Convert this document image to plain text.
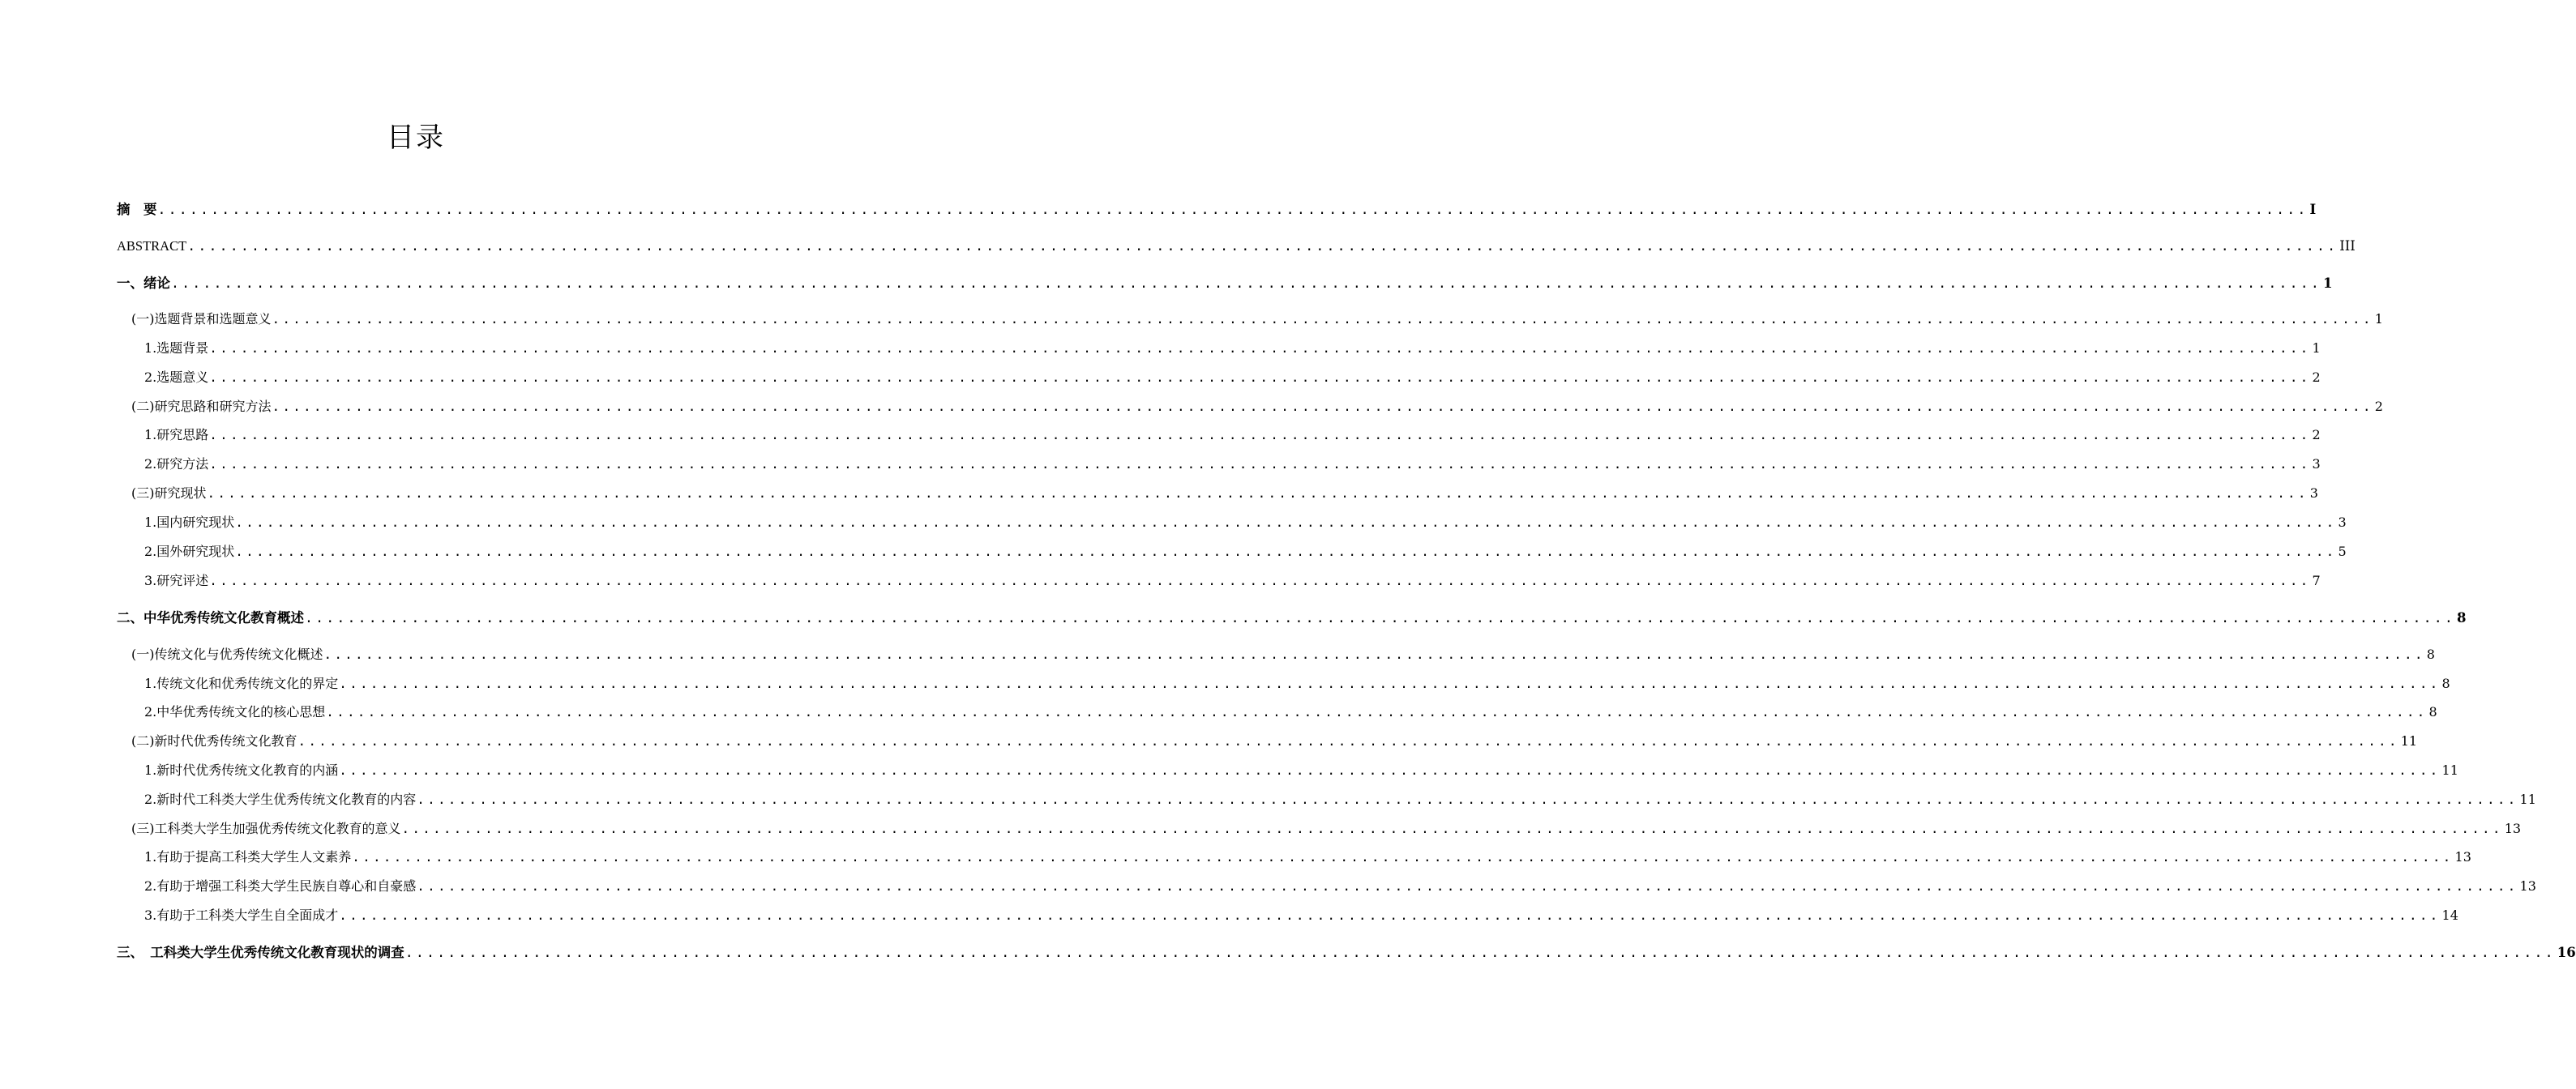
目录
摘　要 .......................................................................................................................................................................................................... I
ABSTRACT .......................................................................................................................................................................................................... III
一、绪论 .......................................................................................................................................................................................................... 1
(一)选题背景和选题意义 .......................................................................................................................................................................................................... 1
1.选题背景 .......................................................................................................................................................................................................... 1
2.选题意义 .......................................................................................................................................................................................................... 2
(二)研究思路和研究方法 .......................................................................................................................................................................................................... 2
1.研究思路 .......................................................................................................................................................................................................... 2
2.研究方法 .......................................................................................................................................................................................................... 3
(三)研究现状 .......................................................................................................................................................................................................... 3
1.国内研究现状 .......................................................................................................................................................................................................... 3
2.国外研究现状 .......................................................................................................................................................................................................... 5
3.研究评述 .......................................................................................................................................................................................................... 7
二、中华优秀传统文化教育概述 .......................................................................................................................................................................................................... 8
(一)传统文化与优秀传统文化概述 .......................................................................................................................................................................................................... 8
1.传统文化和优秀传统文化的界定 .......................................................................................................................................................................................................... 8
2.中华优秀传统文化的核心思想 .......................................................................................................................................................................................................... 8
(二)新时代优秀传统文化教育 .......................................................................................................................................................................................................... 11
1.新时代优秀传统文化教育的内涵 .......................................................................................................................................................................................................... 11
2.新时代工科类大学生优秀传统文化教育的内容 .......................................................................................................................................................................................................... 11
(三)工科类大学生加强优秀传统文化教育的意义 .......................................................................................................................................................................................................... 13
1.有助于提高工科类大学生人文素养 .......................................................................................................................................................................................................... 13
2.有助于增强工科类大学生民族自尊心和自豪感 .......................................................................................................................................................................................................... 13
3.有助于工科类大学生自全面成才 .......................................................................................................................................................................................................... 14
三、　工科类大学生优秀传统文化教育现状的调查 .......................................................................................................................................................................................................... 16
